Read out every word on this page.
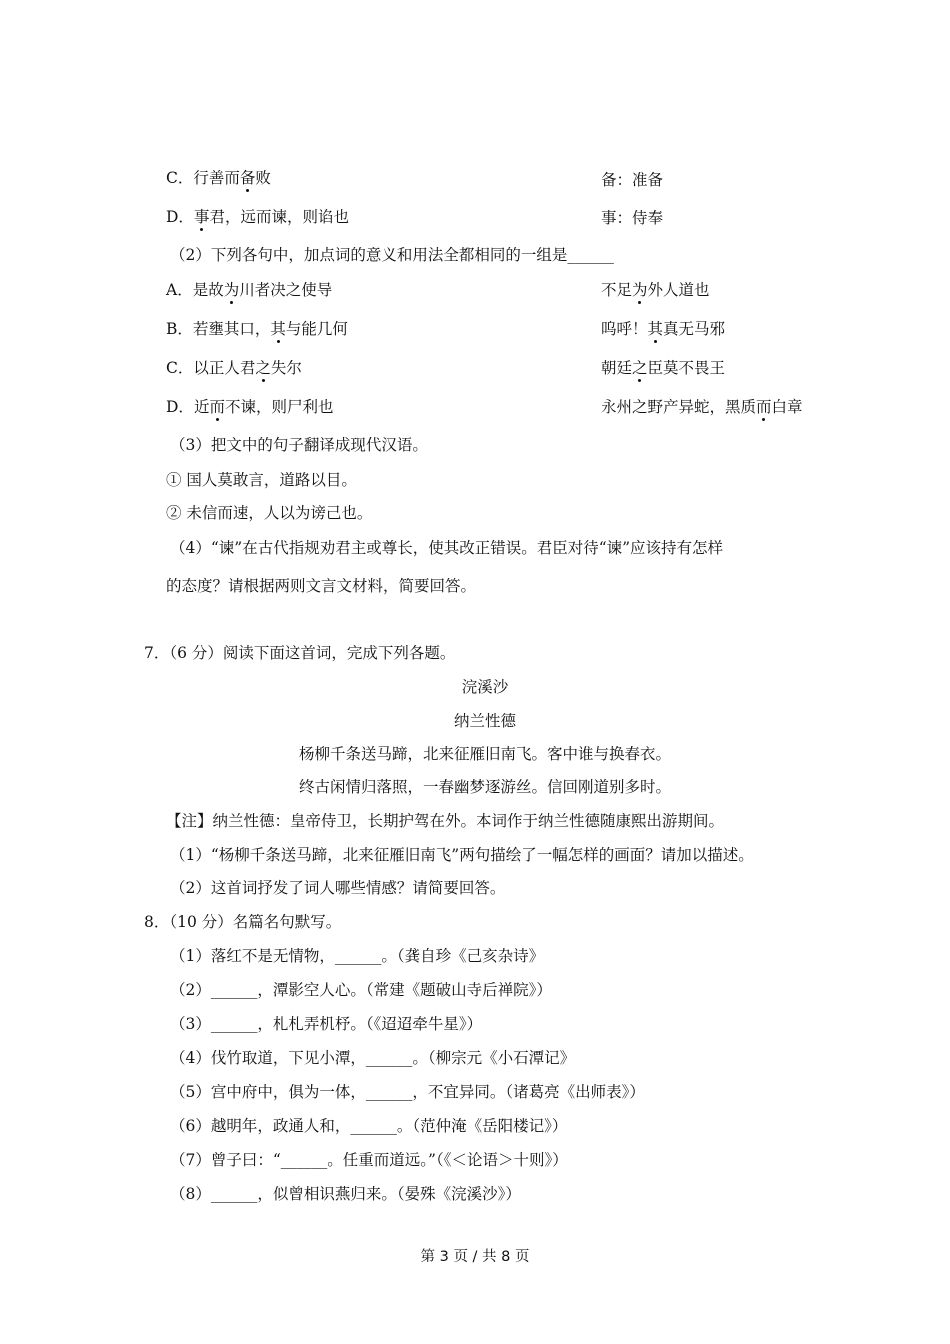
C．行善而备败	备：准备
D．事君，远而谏，则谄也	事：侍奉
（2）下列各句中，加点词的意义和用法全都相同的一组是______
A．是故为川者决之使导	不足为外人道也
B．若壅其口，其与能几何	呜呼！其真无马邪
C．以正人君之失尔	朝廷之臣莫不畏王
D．近而不谏，则尸利也	永州之野产异蛇，黑质而白章
（3）把文中的句子翻译成现代汉语。
① 国人莫敢言，道路以目。
② 未信而速，人以为谤己也。
（4）“谏”在古代指规劝君主或尊长，使其改正错误。君臣对待“谏”应该持有怎样
的态度？请根据两则文言文材料，简要回答。
7．（6 分）阅读下面这首词，完成下列各题。
浣溪沙
纳兰性德
杨柳千条送马蹄，北来征雁旧南飞。客中谁与换春衣。
终古闲情归落照，一春幽梦逐游丝。信回刚道别多时。
【注】纳兰性德：皇帝侍卫，长期护驾在外。本词作于纳兰性德随康熙出游期间。
（1）“杨柳千条送马蹄，北来征雁旧南飞”两句描绘了一幅怎样的画面？请加以描述。
（2）这首词抒发了词人哪些情感？请简要回答。
8．（10 分）名篇名句默写。
（1）落红不是无情物，______。（龚自珍《己亥杂诗》
（2）______，潭影空人心。（常建《题破山寺后禅院》）
（3）______，札札弄机杼。（《迢迢牵牛星》）
（4）伐竹取道，下见小潭，______。（柳宗元《小石潭记》
（5）宫中府中，俱为一体，______，不宜异同。（诸葛亮《出师表》）
（6）越明年，政通人和，______。（范仲淹《岳阳楼记》）
（7）曾子曰：“______。任重而道远。”（《＜论语＞十则》）
（8）______，似曾相识燕归来。（晏殊《浣溪沙》）
第 3 页 / 共 8 页
